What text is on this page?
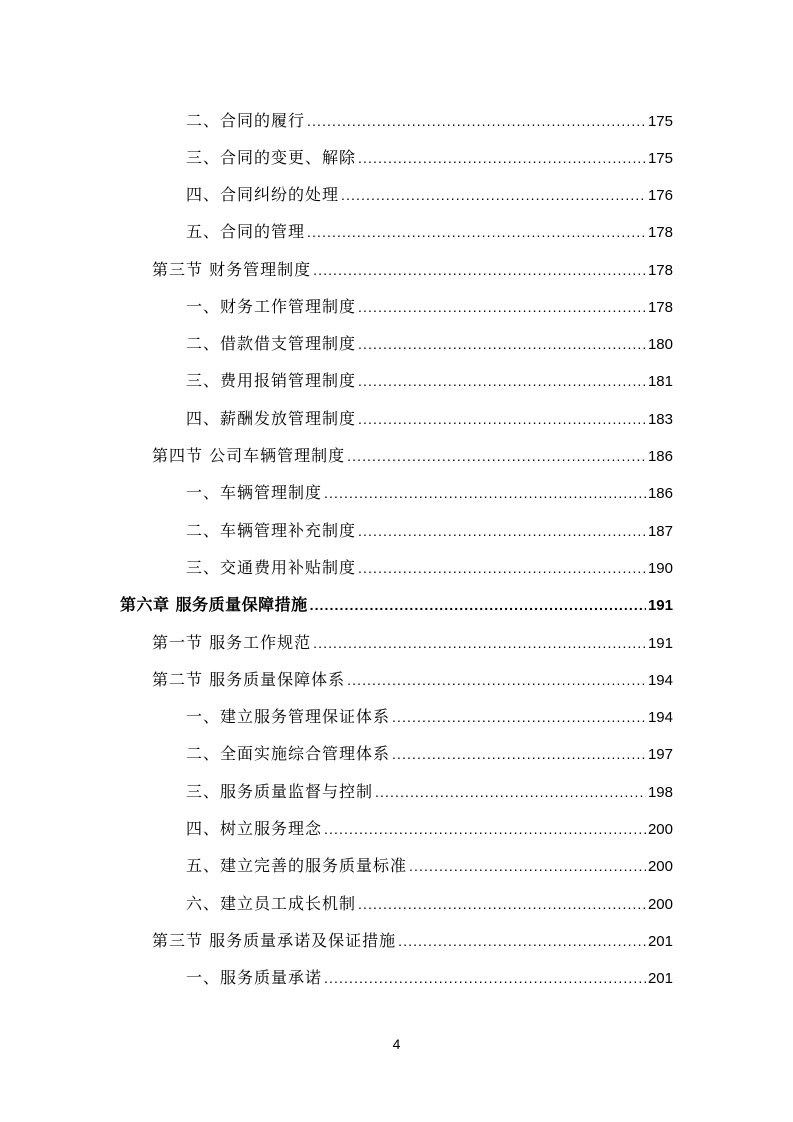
二、合同的履行 .....	175
三、合同的变更、解除 .....	175
四、合同纠纷的处理 .....	176
五、合同的管理 .....	178
第三节 财务管理制度 .....	178
一、财务工作管理制度 .....	178
二、借款借支管理制度 .....	180
三、费用报销管理制度 .....	181
四、薪酬发放管理制度 .....	183
第四节 公司车辆管理制度 .....	186
一、车辆管理制度 .....	186
二、车辆管理补充制度 .....	187
三、交通费用补贴制度 .....	190
第六章 服务质量保障措施 .....	191
第一节 服务工作规范 .....	191
第二节 服务质量保障体系 .....	194
一、建立服务管理保证体系 .....	194
二、全面实施综合管理体系 .....	197
三、服务质量监督与控制 .....	198
四、树立服务理念 .....	200
五、建立完善的服务质量标准 .....	200
六、建立员工成长机制 .....	200
第三节 服务质量承诺及保证措施 .....	201
一、服务质量承诺 .....	201
4
